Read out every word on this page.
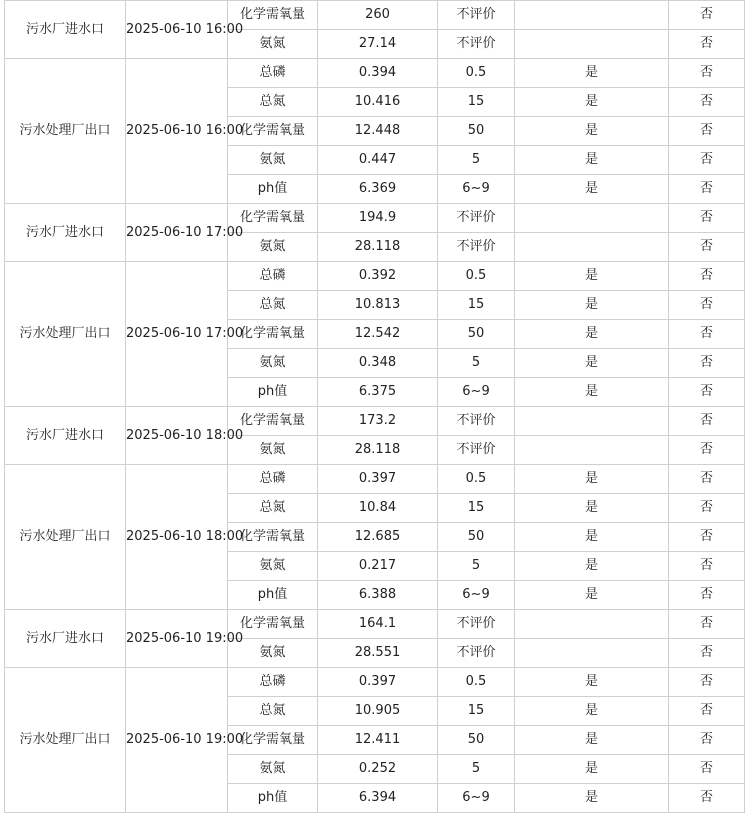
污水厂进水口	2025-06-10 16:00	化学需氧量	260	不评价		否
		氨氮	27.14	不评价		否
污水处理厂出口	2025-06-10 16:00	总磷	0.394	0.5	是	否
		总氮	10.416	15	是	否
		化学需氧量	12.448	50	是	否
		氨氮	0.447	5	是	否
		ph值	6.369	6~9	是	否
污水厂进水口	2025-06-10 17:00	化学需氧量	194.9	不评价		否
		氨氮	28.118	不评价		否
污水处理厂出口	2025-06-10 17:00	总磷	0.392	0.5	是	否
		总氮	10.813	15	是	否
		化学需氧量	12.542	50	是	否
		氨氮	0.348	5	是	否
		ph值	6.375	6~9	是	否
污水厂进水口	2025-06-10 18:00	化学需氧量	173.2	不评价		否
		氨氮	28.118	不评价		否
污水处理厂出口	2025-06-10 18:00	总磷	0.397	0.5	是	否
		总氮	10.84	15	是	否
		化学需氧量	12.685	50	是	否
		氨氮	0.217	5	是	否
		ph值	6.388	6~9	是	否
污水厂进水口	2025-06-10 19:00	化学需氧量	164.1	不评价		否
		氨氮	28.551	不评价		否
污水处理厂出口	2025-06-10 19:00	总磷	0.397	0.5	是	否
		总氮	10.905	15	是	否
		化学需氧量	12.411	50	是	否
		氨氮	0.252	5	是	否
		ph值	6.394	6~9	是	否
